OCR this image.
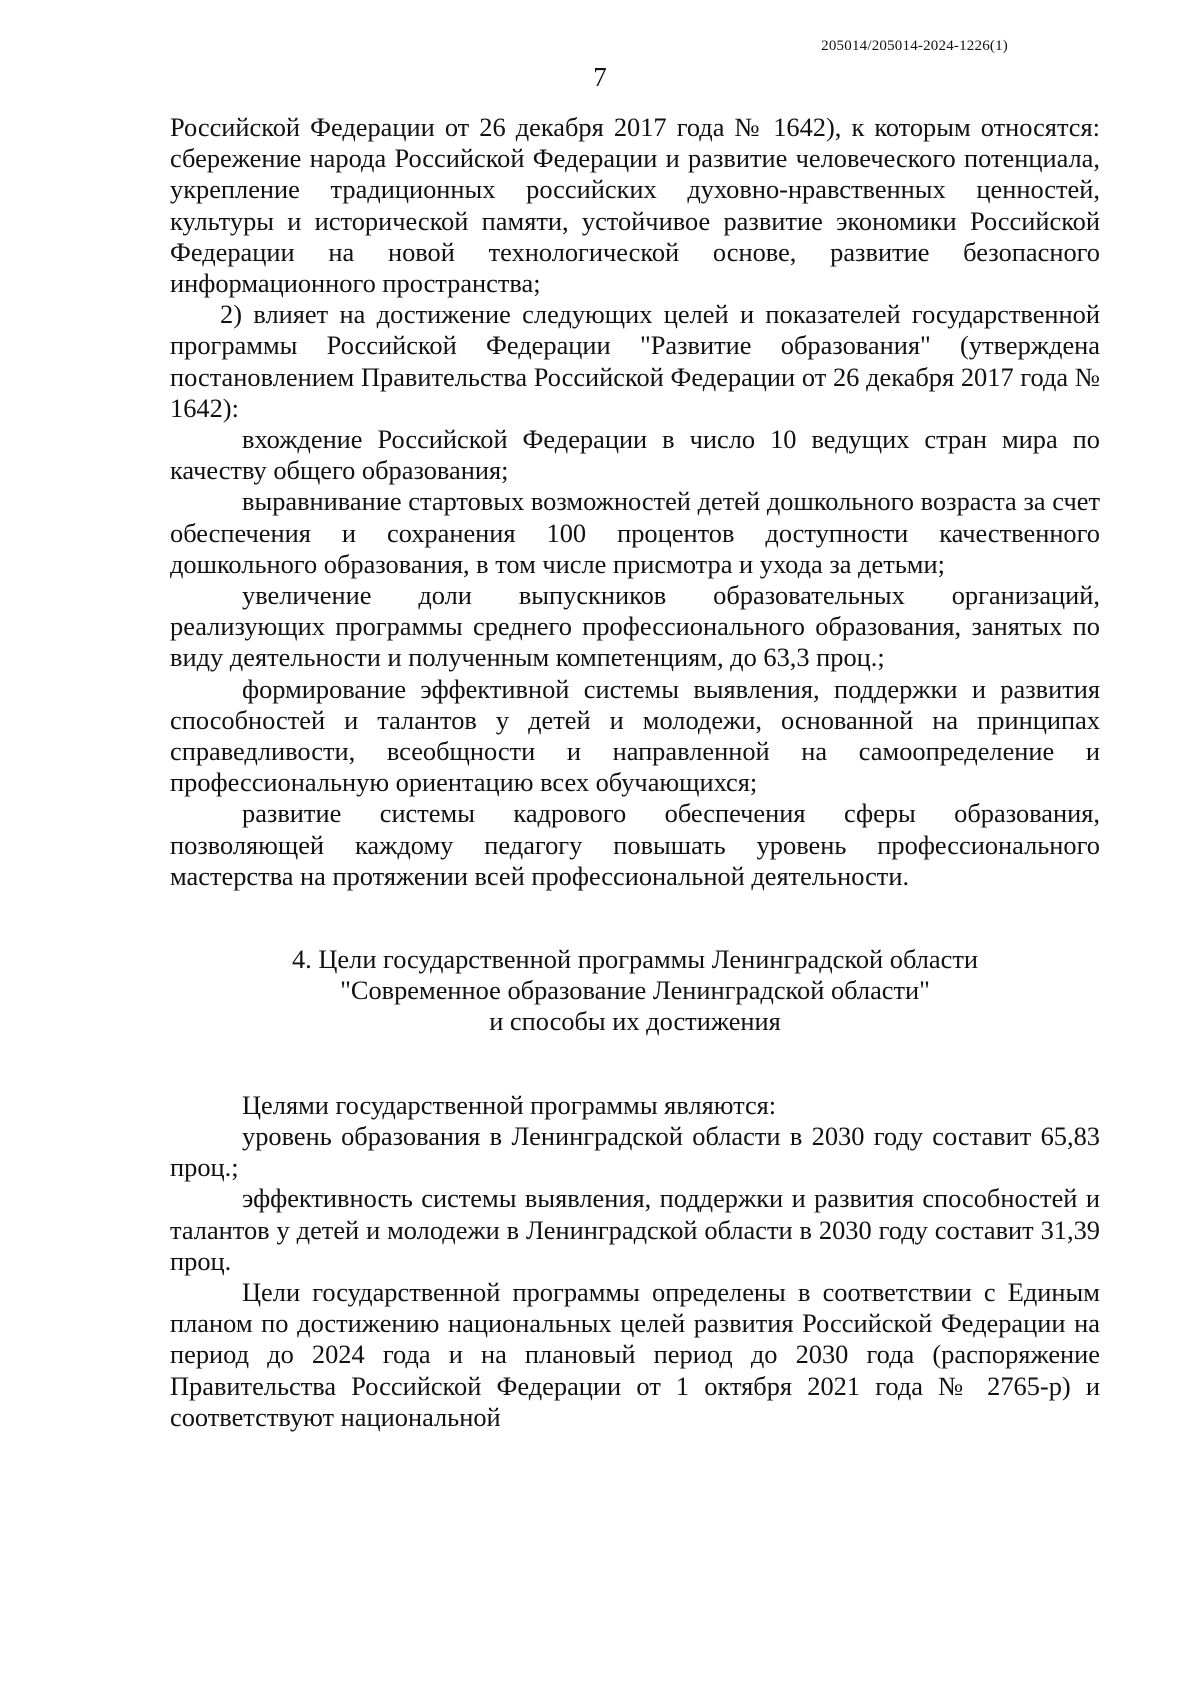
205014/205014-2024-1226(1)
7

Российской Федерации от 26 декабря 2017 года № 1642), к которым относятся: сбережение народа Российской Федерации и развитие человеческого потенциала, укрепление традиционных российских духовно-нравственных ценностей, культуры и исторической памяти, устойчивое развитие экономики Российской Федерации на новой технологической основе, развитие безопасного информационного пространства;

2) влияет на достижение следующих целей и показателей государственной программы Российской Федерации "Развитие образования" (утверждена постановлением Правительства Российской Федерации от 26 декабря 2017 года № 1642):

вхождение Российской Федерации в число 10 ведущих стран мира по качеству общего образования;

выравнивание стартовых возможностей детей дошкольного возраста за счет обеспечения и сохранения 100 процентов доступности качественного дошкольного образования, в том числе присмотра и ухода за детьми;

увеличение доли выпускников образовательных организаций, реализующих программы среднего профессионального образования, занятых по виду деятельности и полученным компетенциям, до 63,3 проц.;

формирование эффективной системы выявления, поддержки и развития способностей и талантов у детей и молодежи, основанной на принципах справедливости, всеобщности и направленной на самоопределение и профессиональную ориентацию всех обучающихся;

развитие системы кадрового обеспечения сферы образования, позволяющей каждому педагогу повышать уровень профессионального мастерства на протяжении всей профессиональной деятельности.

4. Цели государственной программы Ленинградской области
"Современное образование Ленинградской области"
и способы их достижения

Целями государственной программы являются:

уровень образования в Ленинградской области в 2030 году составит 65,83 проц.;

эффективность системы выявления, поддержки и развития способностей и талантов у детей и молодежи в Ленинградской области в 2030 году составит 31,39 проц.

Цели государственной программы определены в соответствии с Единым планом по достижению национальных целей развития Российской Федерации на период до 2024 года и на плановый период до 2030 года (распоряжение Правительства Российской Федерации от 1 октября 2021 года № 2765-р) и соответствуют национальной
